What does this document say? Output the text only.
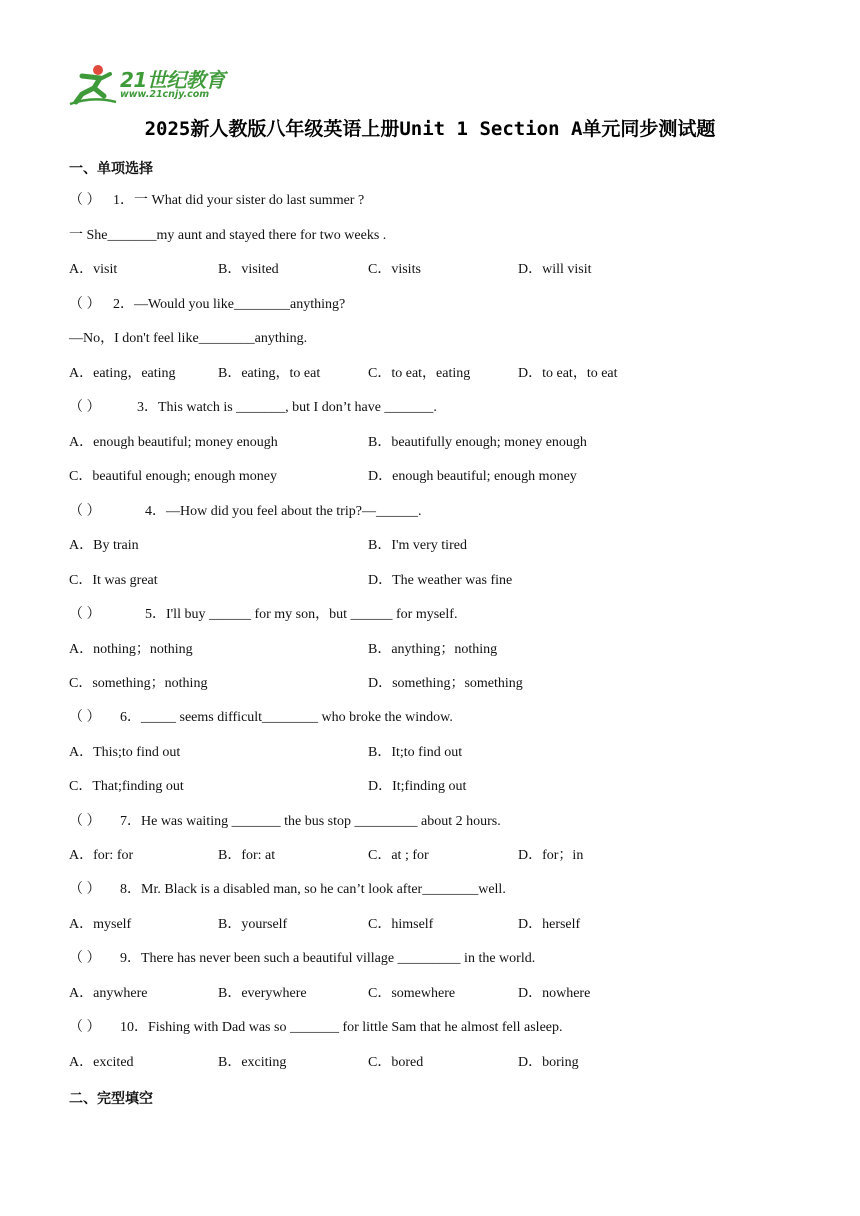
21世纪教育
www.21cnjy.com
2025新人教版八年级英语上册Unit 1 Section A单元同步测试题
一、单项选择
（ ） 1．一 What did your sister do last summer ?
一 She_______my aunt and stayed there for two weeks .
A．visit	B．visited	C．visits	D．will visit
（ ） 2．—Would you like________anything?
—No，I don't feel like________anything.
A．eating，eating	B．eating，to eat	C．to eat，eating	D．to eat，to eat
（ ）	3．This watch is _______, but I don’t have _______.
A．enough beautiful; money enough	B．beautifully enough; money enough
C．beautiful enough; enough money	D．enough beautiful; enough money
（ ）	4．—How did you feel about the trip?—______.
A．By train	B．I'm very tired
C．It was great	D．The weather was fine
（ ）	5．I'll buy ______ for my son，but ______ for myself.
A．nothing；nothing	B．anything；nothing
C．something；nothing	D．something；something
（ ） 6．_____ seems difficult________ who broke the window.
A．This;to find out	B．It;to find out
C．That;finding out	D．It;finding out
（ ） 7．He was waiting _______ the bus stop _________ about 2 hours.
A．for: for	B．for: at	C．at ; for	D．for；in
（ ） 8．Mr. Black is a disabled man, so he can’t look after________well.
A．myself	B．yourself	C．himself	D．herself
（ ） 9．There has never been such a beautiful village _________ in the world.
A．anywhere	B．everywhere	C．somewhere	D．nowhere
（ ） 10．Fishing with Dad was so _______ for little Sam that he almost fell asleep.
A．excited	B．exciting	C．bored	D．boring
二、完型填空
